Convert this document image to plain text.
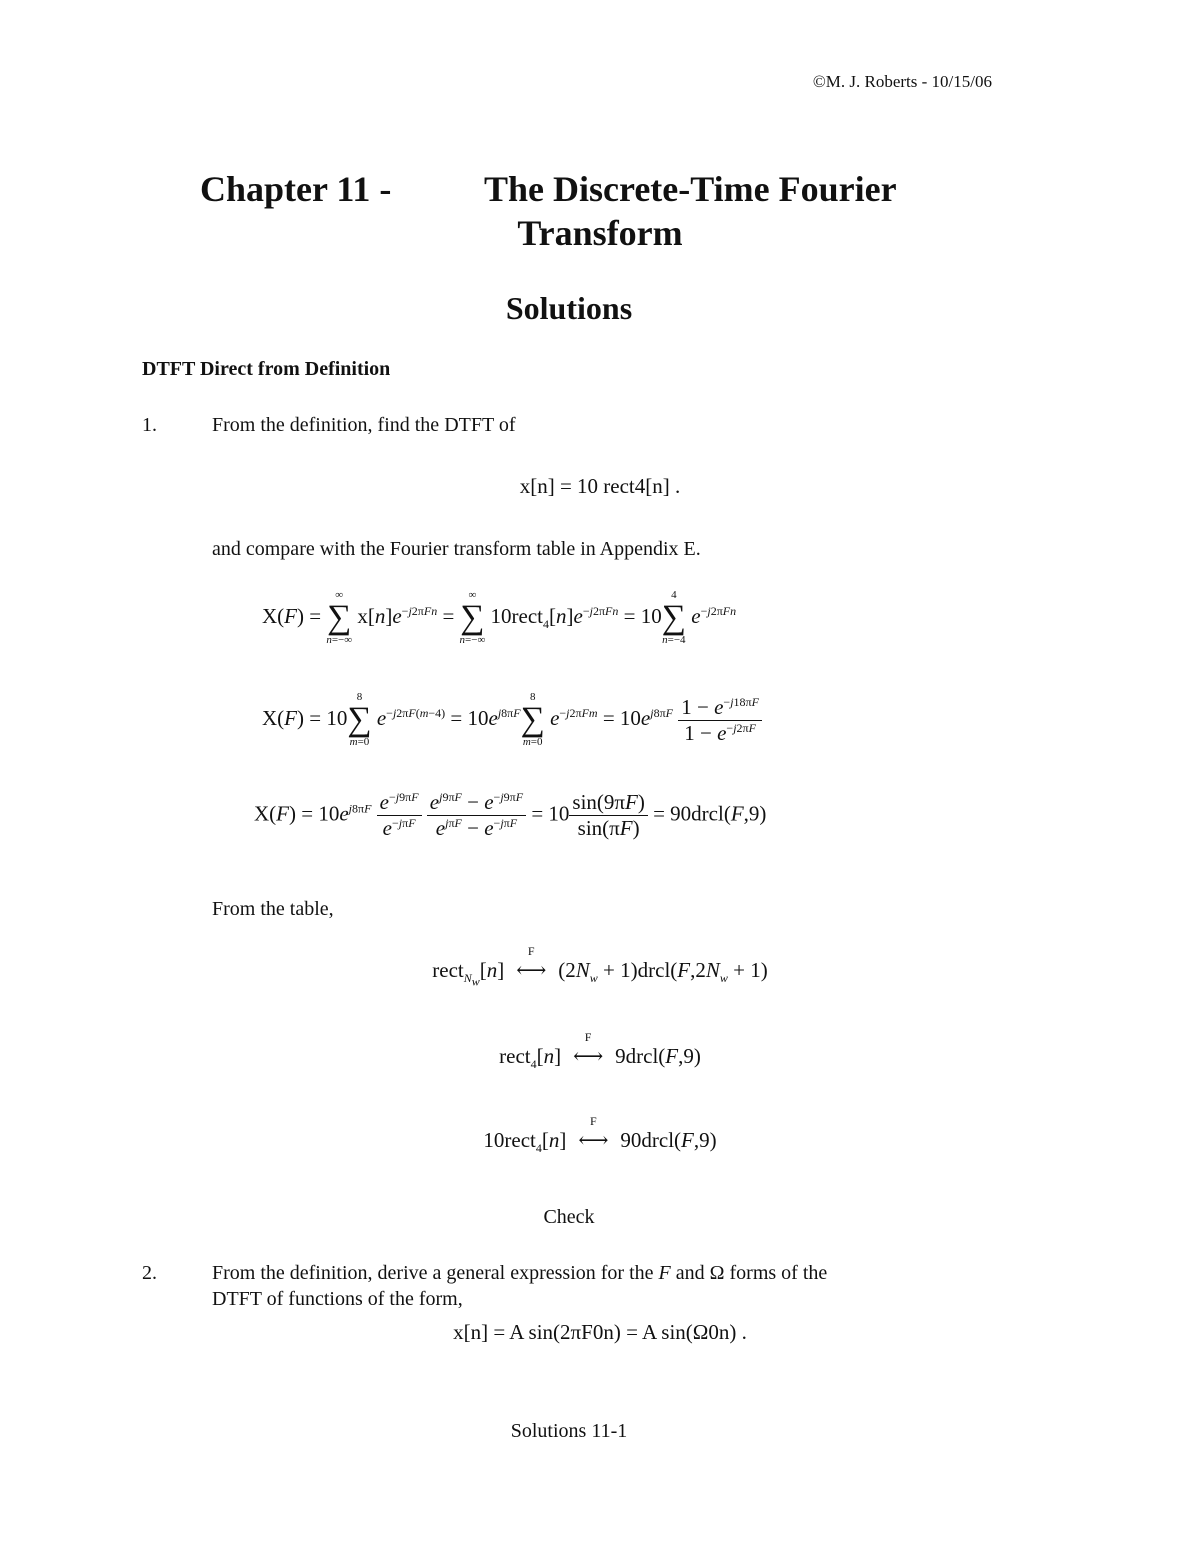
©M. J. Roberts - 10/15/06
Chapter 11 -	The Discrete-Time Fourier
Transform
Solutions
DTFT Direct from Definition
1.	From the definition, find the DTFT of
x[n] = 10 rect4[n] .
and compare with the Fourier transform table in Appendix E.
X(F) =
∞
∑
n=−∞
$x[n]e^{-j2\pi Fn}$ =
∞
∑
n=−∞
$10rect_4[n]e^{-j2\pi Fn} = 10$
4
∑
n=−4
$e^{-j2\pi Fn}$
X(F) = 10
8
∑
m=0
$e^{-j2\pi F(m-4)} = 10e^{j8\pi F}$
8
∑
m=0
$e^{-j2\pi Fm} = 10e^{j8\pi F} \frac{1 - e^{-j18\pi F}}{1 - e^{-j2\pi F}}$
$X(F) = 10e^{j8\pi F} \frac{e^{-j9\pi F}}{e^{-j\pi F}}$
$\frac{e^{j9\pi F} - e^{-j9\pi F}}{e^{j\pi F} - e^{-j\pi F}} = 10 \frac{\sin(9\pi F)}{\sin(\pi F)}$ = 90drcl(F,9)
From the table,
rect$_{N_w}$[n]
F
⟷ ($2N_w$ + $1)drcl(F,2N_w + 1)$
rect$_4$[n]
F
⟷ 9drcl(F,9)
10rect$_4$[n]
F
⟷ 90drcl(F,9)
Check
2.	From the definition, derive a general expression for the F and Ω forms of the
DTFT of functions of the form,
x[n] = A sin(2πF0n) = A sin(Ω0n) .
Solutions 11-1
